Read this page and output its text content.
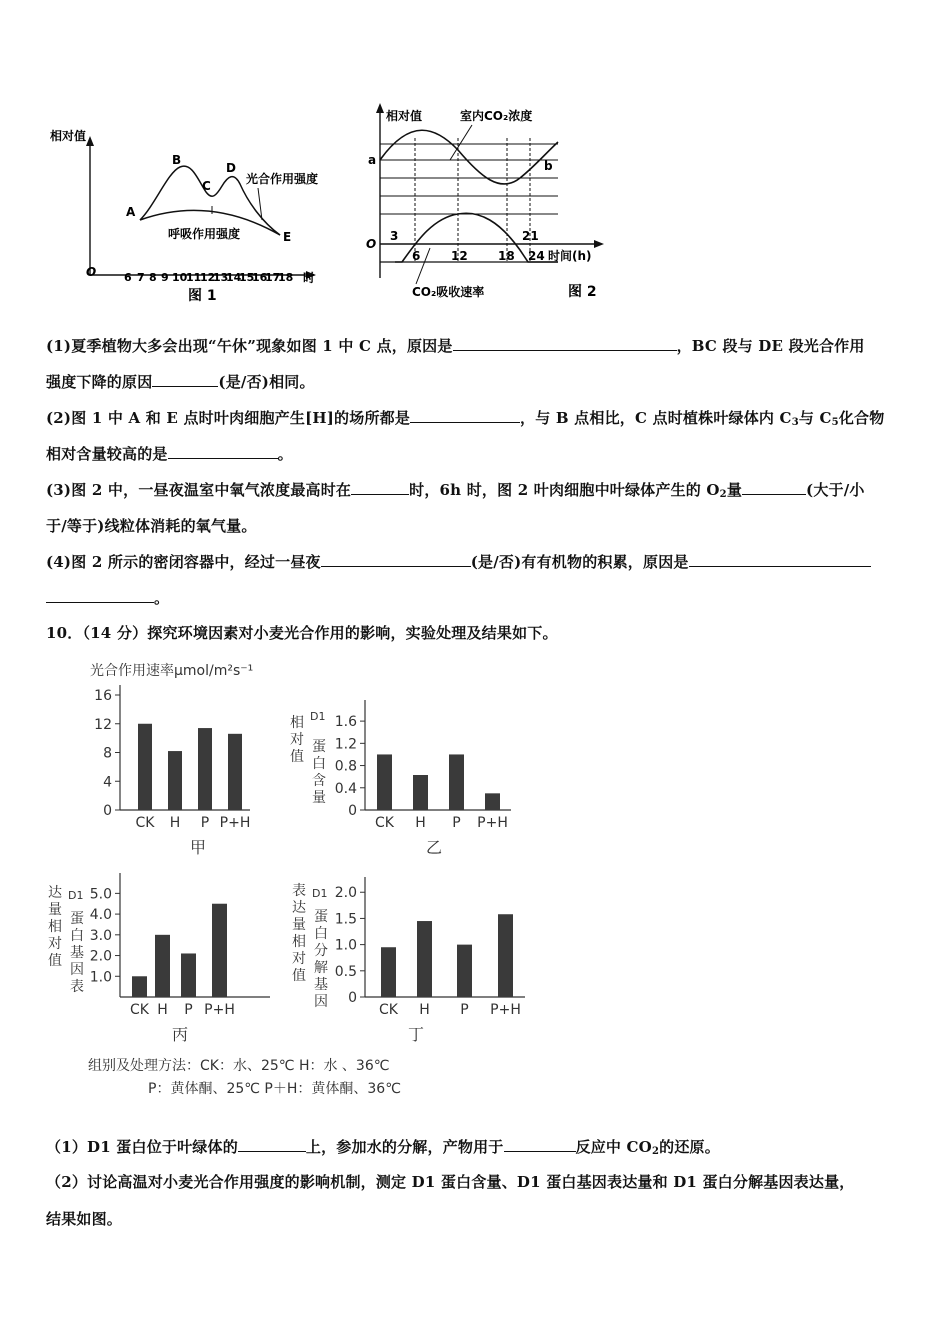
相对值
O	6 7 8 9 10
11
12
13
14
15
16
17
18 时
A
B
C
D
E
光合作用强度
呼吸作用强度
图 1
相对值	室内CO₂浓度
a	b
O
3
6	12	18
21
24 时间(h)
CO₂吸收速率	图 2
(1)夏季植物大多会出现“午休”现象如图 1 中 C 点，原因是	，BC 段与 DE 段光合作用
强度下降的原因	(是/否)相同。
(2)图 1 中 A 和 E 点时叶肉细胞产生[H]的场所都是	，与 B 点相比，C 点时植株叶绿体内 $C_3$与 $C_5$化合物
相对含量较高的是	。
(3)图 2 中，一昼夜温室中氧气浓度最高时在	时，6h 时，图 2 叶肉细胞中叶绿体产生的 $O_2$量	(大于/小
于/等于)线粒体消耗的氧气量。
(4)图 2 所示的密闭容器中，经过一昼夜	(是/否)有有机物的积累，原因是
。
10．（14 分）探究环境因素对小麦光合作用的影响，实验处理及结果如下。
光合作用速率μmol/m²s⁻¹
蛋白含量相对值D1
达量相对值蛋白基因表D1	表达量相对值蛋白分解基因D1
组别及处理方法：CK：水、25℃ H：水 、36℃
P：黄体酮、25℃ P＋H：黄体酮、36℃
0
4
8
12
16
CK H P P+H
甲
0
0.4
0.8
1.2
1.6
CK H P P+H
乙
1.0
2.0
3.0
4.0
5.0
CK H P P+H
丙
0
0.5
1.0
1.5
2.0
CK H P P+H
丁
（1）D1 蛋白位于叶绿体的	上，参加水的分解，产物用于	反应中 $CO_2$的还原。
（2）讨论高温对小麦光合作用强度的影响机制，测定 D1 蛋白含量、D1 蛋白基因表达量和 D1 蛋白分解基因表达量，
结果如图。
